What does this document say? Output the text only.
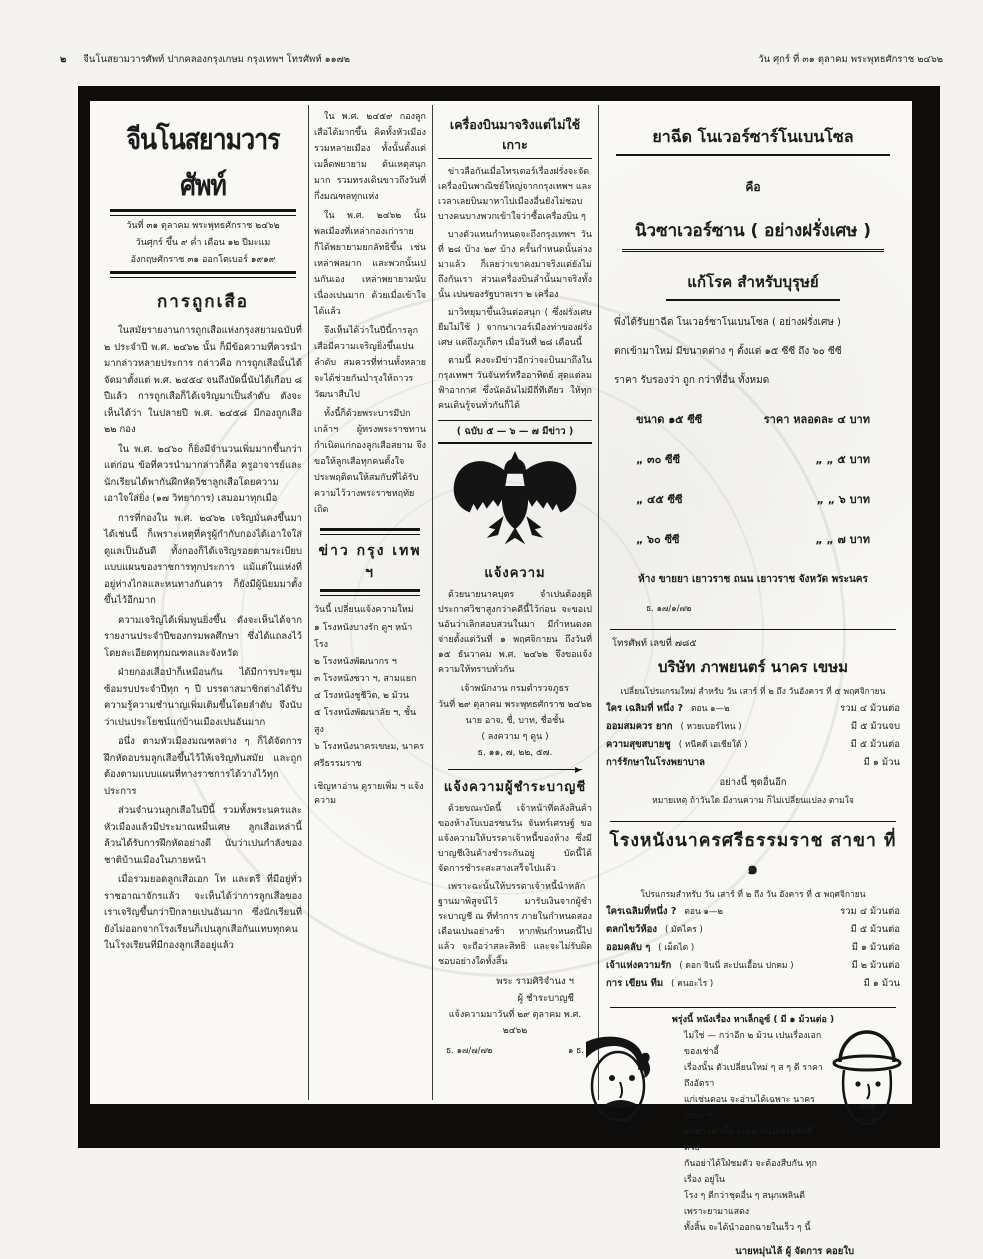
๒ จีนโนสยามวารศัพท์ ปากคลองกรุงเกษม กรุงเทพฯ โทรศัพท์ ๑๑๗๒	วัน ศุกร์ ที่ ๓๑ ตุลาคม พระพุทธศักราช ๒๔๖๒
จีนโนสยามวารศัพท์
วันที่ ๓๑ ตุลาคม พระพุทธศักราช ๒๔๖๒
วันศุกร์ ขึ้น ๙ ค่ำ เดือน ๑๒ ปีมะแม
อังกฤษศักราช ๓๑ ออกโตเบอร์ ๑๙๑๙
การถูกเสือ
ในสมัยรายงานการถูกเสือแห่งกรุงสยามฉบับที่ ๒ ประจำปี พ.ศ. ๒๔๖๒ นั้น ก็มีข้อความที่ควรนำมากล่าวหลายประการ กล่าวคือ การถูกเสือนั้นได้จัดมาตั้งแต่ พ.ศ. ๒๔๕๔ จนถึงบัดนี้นับได้เกือบ ๘ ปีแล้ว การถูกเสือก็ได้เจริญมาเป็นลำดับ ดังจะเห็นได้ว่า ในปลายปี พ.ศ. ๒๔๕๘ มีกองถูกเสือ ๒๒ กอง
ใน พ.ศ. ๒๔๖๐ ก็ยิ่งมีจำนวนเพิ่มมากขึ้นกว่าแต่ก่อน ข้อที่ควรนำมากล่าวก็คือ ครูอาจารย์และนักเรียนได้พากันฝึกหัดวิชาลูกเสือโดยความเอาใจใส่ยิ่ง (๑๗ วิทยาการ) เสมอมาทุกเมื่อ
การที่กองใน พ.ศ. ๒๔๖๒ เจริญมั่นคงขึ้นมาได้เช่นนี้ ก็เพราะเหตุที่ครูผู้กำกับกองได้เอาใจใส่ดูแลเป็นอันดี ทั้งกองก็ได้เจริญรอยตามระเบียบแบบแผนของราชการทุกประการ แม้แต่ในแห่งที่อยู่ห่างไกลและหนทางกันดาร ก็ยังมีผู้นิยมมาตั้งขึ้นไว้อีกมาก
ความเจริญได้เพิ่มพูนยิ่งขึ้น ดังจะเห็นได้จากรายงานประจำปีของกรมพลศึกษา ซึ่งได้แถลงไว้โดยละเอียดทุกมณฑลและจังหวัด
ฝ่ายกองเสือป่าก็เหมือนกัน ได้มีการประชุมซ้อมรบประจำปีทุก ๆ ปี บรรดาสมาชิกต่างได้รับความรู้ความชำนาญเพิ่มเติมขึ้นโดยลำดับ จึงนับว่าเปนประโยชน์แก่บ้านเมืองเปนอันมาก
อนึ่ง ตามหัวเมืองมณฑลต่าง ๆ ก็ได้จัดการฝึกหัดอบรมลูกเสือขึ้นไว้ให้เจริญทันสมัย และถูกต้องตามแบบแผนที่ทางราชการได้วางไว้ทุกประการ
ส่วนจำนวนลูกเสือในปีนี้ รวมทั้งพระนครและหัวเมืองแล้วมีประมาณหมื่นเศษ ลูกเสือเหล่านี้ล้วนได้รับการฝึกหัดอย่างดี นับว่าเปนกำลังของชาติบ้านเมืองในภายหน้า
เมื่อรวมยอดลูกเสือเอก โท และตรี ที่มีอยู่ทั่วราชอาณาจักรแล้ว จะเห็นได้ว่าการลูกเสือของเราเจริญขึ้นกว่าปีกลายเปนอันมาก ซึ่งนักเรียนที่ยังไม่ออกจากโรงเรียนก็เปนลูกเสือกันแทบทุกคน ในโรงเรียนที่มีกองลูกเสืออยู่แล้ว
ใน พ.ศ. ๒๔๕๙ กองลูกเสือได้มากขึ้น คิดทั้งหัวเมืองรวมหลายเมือง ทั้งนั้นตั้งแต่เมล็ดพยายาม ต้นเหตุสนุกมาก รวมทรงเดินขาวถึงวันที่กึ่งมณฑลทุกแห่ง
ใน พ.ศ. ๒๔๖๒ นั้น พลเมืองที่เหล่ากองเก่าราย ก็ได้พยายามยกลัทธิขึ้น เช่นเหล่าพลมาก และพวกนั้นเปนกันเอง เหล่าพยายามนับเนื่องเปนมาก ด้วยเมื่อเข้าใจได้แล้ว
จึงเห็นได้ว่าในปีนี้การลูกเสือมีความเจริญยิ่งขึ้นเปนลำดับ สมควรที่ท่านทั้งหลายจะได้ช่วยกันบำรุงให้ถาวรวัฒนาสืบไป
ทั้งนี้ก็ด้วยพระบารมีปกเกล้าฯ ผู้ทรงพระราชทานกำเนิดแก่กองลูกเสือสยาม จึงขอให้ลูกเสือทุกคนตั้งใจประพฤติตนให้สมกับที่ได้รับความไว้วางพระราชหฤทัยเถิด
ข่าว กรุง เทพ ฯ
วันนี้ เปลี่ยนแจ้งความใหม่
๑ โรงหนังบางรัก ดูฯ หน้าโรง
๒ โรงหนังพัฒนากร ฯ
๓ โรงหนังชวา ฯ, สามแยก
๔ โรงหนังชูชีวิต, ๒ ม้วน
๕ โรงหนังพัฒนาลัย ฯ, ชั้นสูง
๖ โรงหนังนาครเขษม, นาครศรีธรรมราช
เชิญหาอ่าน ดูรายเพิ่ม ฯ แจ้งความ
เครื่องบินมาจริงแต่ไม่ใช้เกาะ
ข่าวลือกันเมื่อไทรเตอร์เรื่องฝรั่งจะจัดเครื่องบินพาณิชย์ใหญ่จากกรุงเทพฯ และเวลาเลยบินมาหาไปเมืองอื่นยังไม่ชอบ บางคนบางพวกเข้าใจว่าซื้อเครื่องบิน ๆ
บางตัวแทนกำหนดจะถึงกรุงเทพฯ วันที่ ๒๘ บ้าง ๒๙ บ้าง ครั้นกำหนดนั้นล่วงมาแล้ว ก็เลยว่าเขาคงมาจริงแต่ยังไม่ถึงกันเรา ส่วนเครื่องบินลำนั้นมาจริงทั้งนั้น เปนของรัฐบาลเรา ๒ เครื่อง
มาวิทยุมาขึ้นเงินต่อสนุก ( ซึ่งฝรั่งเศษยืมไม่ใช้ ) จากนาเวอร์เมืองท่าของฝรั่งเศษ แต่ถึงภูเก็ตฯ เมื่อวันที่ ๒๘ เดือนนี้
ตามนี้ คงจะมีข่าวอีกว่าจะบินมาถึงในกรุงเทพฯ วันจันทร์หรืออาทิตย์ สุดแต่ลมฟ้าอากาศ ซึ่งนัดอันไม่มีถี่ทีเดียว ให้ทุกคนเดินรู้จนทั่วกันก็ได้
( ฉบับ ๕ — ๖ — ๗ มีข่าว )
แจ้งความ
ด้วยนายนาคบุตร จำเปนต้องยุติประกาศวิชาสูงกว่าคดีนี้ไว้ก่อน จะขอเปนอันว่าเลิกสอบสวนในมา มีกำหนดงดจ่ายตั้งแต่วันที่ ๑ พฤศจิกายน ถึงวันที่ ๑๕ ธันวาคม พ.ศ. ๒๔๖๒ จึงขอแจ้งความให้ทราบทั่วกัน
เจ้าพนักงาน กรมตำรวจภูธร
วันที่ ๒๙ ตุลาคม พระพุทธศักราช ๒๔๖๒
นาย อาจ, ชื่, บาท, ชื่อชั้น
( ลงความ ๆ ดูน )
ธ. ๑๑, ๗, ๒๒, ๕๗.
แจ้งความผู้ชำระบาญชี
ด้วยขณะบัดนี้ เจ้าหน้าที่คลังสินค้าของห้างโบเบอรซนวัน จันทร์เศรษฐ์ ขอแจ้งความให้บรรดาเจ้าหนี้ของห้าง ซึ่งมีบาญชีเงินค้างชำระกันอยู่ บัดนี้ได้จัดการชำระสะสางเสร็จไปแล้ว
เพราะฉะนั้นให้บรรดาเจ้าหนี้นำหลักฐานมาพิสูจน์ไว้ มารับเงินจากผู้ชำระบาญชี ณ ที่ทำการ ภายในกำหนดสองเดือนเปนอย่างช้า หากพ้นกำหนดนี้ไปแล้ว จะถือว่าสละสิทธิ และจะไม่รับผิดชอบอย่างใดทั้งสิ้น
พระ รามศิริจำนง ฯ
ผู้ ชำระบาญชี
แจ้งความมาวันที่ ๒๙ ตุลาคม พ.ศ. ๒๔๖๒
ธ. ๑๗/๗/๗๒	๑ ธ.
ยาฉีด โนเวอร์ซาร์โนเบนโซล
คือ
นิวซาเวอร์ซาน ( อย่างฝรั่งเศษ )
แก้โรค สำหรับบุรุษย์
พึ่งได้รับยาฉีด โนเวอร์ซาโนเบนโซล ( อย่างฝรั่งเศษ )
ตกเข้ามาใหม่ มีขนาดต่าง ๆ ตั้งแต่ ๑๕ ซีซี ถึง ๖๐ ซีซี
ราคา รับรองว่า ถูก กว่าที่อื่น ทั้งหมด
ขนาด ๑๕ ซีซี	ราคา หลอดละ ๔ บาท
„ ๓๐ ซีซี	„ „ ๕ บาท
„ ๔๕ ซีซี	„ „ ๖ บาท
„ ๖๐ ซีซี	„ „ ๗ บาท
ห้าง ขายยา เยาวราช ถนน เยาวราช จังหวัด พระนคร
ธ. ๑๗/๑/๗๒
โทรศัพท์ เลขที่ ๗๘๕
บริษัท ภาพยนตร์ นาคร เขษม
เปลี่ยนโปรแกรมใหม่ สำหรับ วัน เสาร์ ที่ ๒ ถึง วันอังคาร ที่ ๕ พฤศจิกายน
ใคร เฉลิมที่ หนึ่ง ? ตอน ๑—๒	รวม ๔ ม้วนต่อ
ออมสมควร ยาก ( หวยเบอร์ไหน )	มี ๕ ม้วนจบ
ความสุขสบายชู ( หนีคดี เอเชียใต้ )	มี ๕ ม้วนต่อ
การ์รักษาในโรงพยาบาล	มี ๑ ม้วน
อย่างนี้ ชุดอื่นอีก
หมายเหตุ ถ้าวันใด มีงานความ ก็ไม่เปลี่ยนแปลง ตามใจ
โรงหนังนาครศรีธรรมราช สาขา ที่ ๑
โปรแกรมสำหรับ วัน เสาร์ ที่ ๒ ถึง วัน อังคาร ที่ ๕ พฤศจิกายน
ใครเฉลิมที่หนึ่ง ? ตอน ๑—๒	รวม ๔ ม้วนต่อ
ตลกไขว้ห้อง ( มัคไคร )	มี ๕ ม้วนต่อ
ออมคลับ ๆ ( เม็ดไต )	มี ๑ ม้วนต่อ
เจ้าแห่งความรัก ( ดอก จินนี่ สะปนเอื้อน ปกคม )	มี ๒ ม้วนต่อ
การ เขียน ทีม ( คนอะไร )	มี ๑ ม้วน
พรุ่งนี้ หนังเรื่อง หาเล็กอูซ์ ( มี ๑ ม้วนต่อ )
ไม่ใช่ — กว่าอีก ๒ ม้วน เปนเรื่องเอกของเช่าอี้
เรื่องนั้น ตัวเปลี่ยนใหม่ ๆ ส ๆ ดี ราคาถึงอัตรา
แก่เช่นตอน จะอ่านได้เฉพาะ นาครเขษม ฯ
สาขา เท่านั้น ดูเนย หนังกรรมสิทธิ์ ด้วย
กันอย่าได้ใฝ่ชมตัว จะต้องสืบกัน ทุกเรื่อง อยู่ใน
โรง ๆ ดีกว่าชุดอื่น ๆ สนุกเพลินดี เพราะยามาแสดง
ทั้งสิ้น จะได้นำออกฉายในเร็ว ๆ นี้
นายหมุ่นไล้ ผู้ จัดการ คอยใบ
